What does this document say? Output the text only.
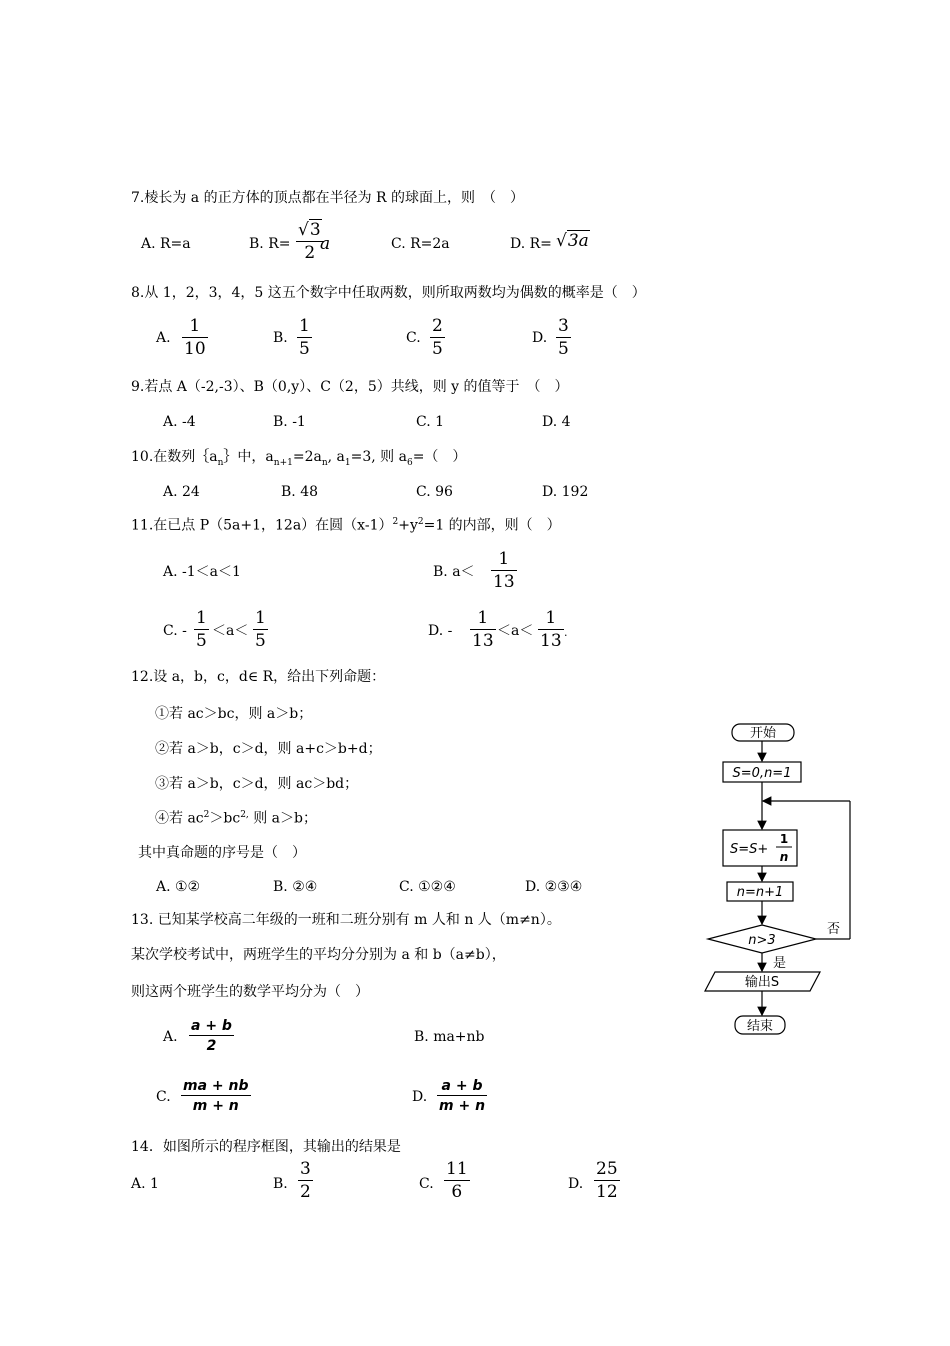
7.棱长为 a 的正方体的顶点都在半径为 R 的球面上，则　（　）
A. R=a	B. R=
√3
2 a	C. R=2a	D. R= √3a
8.从 1，2，3，4，5 这五个数字中任取两数，则所取两数均为偶数的概率是（　）
A.
1
10
B.
1
5
C.
2
5
D.
3
5
9.若点 A（-2,-3）、B（0,y）、C（2，5）共线，则 y 的值等于　（　）
A. -4	B. -1	C. 1	D. 4
10.在数列$\{a_n\}$中，$a_{n+1}=2a_n$, $a_1=3$, 则 $a_6=$（　）
A. 24	B. 48	C. 96	D. 192
11.在已点 P（5a+1，12a）在圆$(x-1)^2+y^2=1$ 的内部，则（　）
A. -1＜a＜1	B. a＜
1
13
C. -
1
5 ＜a＜
1
5	D. -
1
13 ＜a＜
1
13 .
12.设 a，b，c，d∈ R，给出下列命题：
①若 ac＞bc，则 a＞b；
②若 a＞b，c＞d，则 a+c＞b+d；
③若 a＞b，c＞d，则 ac＞bd；
④若 $ac^2>bc^{2,}$ 则 a＞b；
其中真命题的序号是（　）
A. ①②	B. ②④	C. ①②④	D. ②③④
13. 已知某学校高二年级的一班和二班分别有 m 人和 n 人（m≠n）。
某次学校考试中，两班学生的平均分分别为 a 和 b（a≠b），
则这两个班学生的数学平均分为（　）
A.
a + b
2
B. ma+nb
C.
ma + nb
m + n
D.
a + b
m + n
14．如图所示的程序框图，其输出的结果是
A. 1	B.
3
2	C.
11
6	D.
25
12
开始
S=0,n=1
S=S+
1
n
n=n+1
n>3
否
是
输出S
结束
